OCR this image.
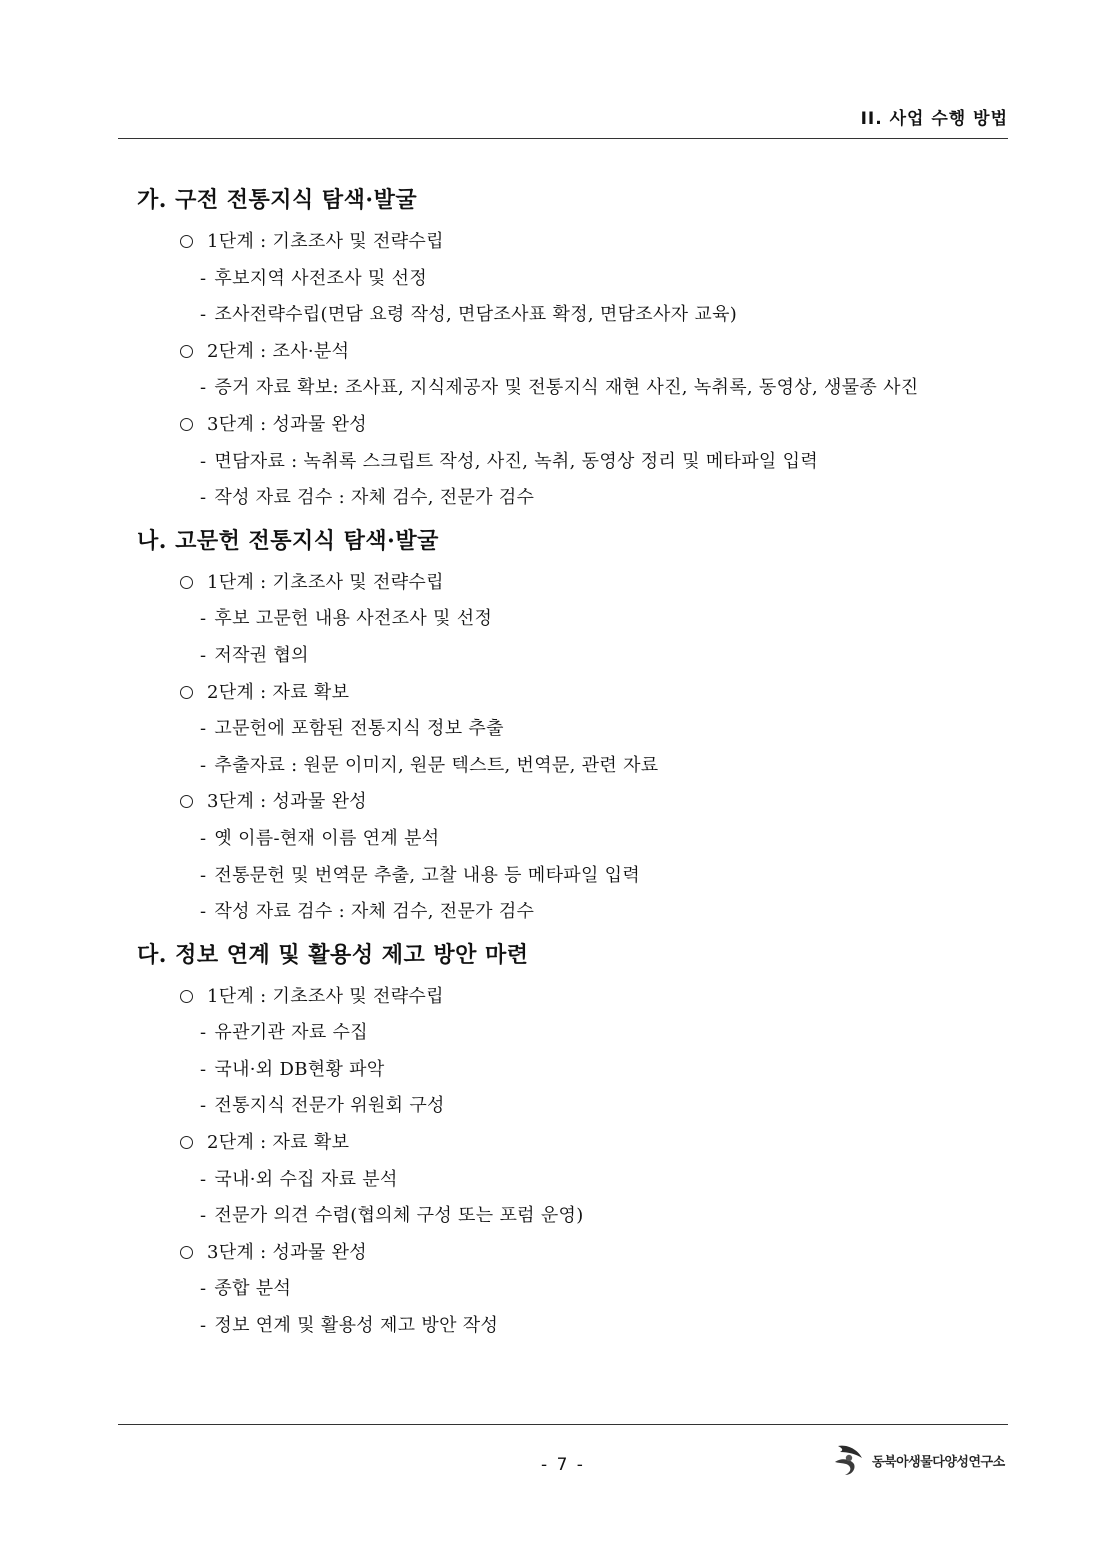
II. 사업 수행 방법
가. 구전 전통지식 탐색·발굴
1단계 : 기초조사 및 전략수립
- 후보지역 사전조사 및 선정
- 조사전략수립(면담 요령 작성, 면담조사표 확정, 면담조사자 교육)
2단계 : 조사·분석
- 증거 자료 확보: 조사표, 지식제공자 및 전통지식 재현 사진, 녹취록, 동영상, 생물종 사진
3단계 : 성과물 완성
- 면담자료 : 녹취록 스크립트 작성, 사진, 녹취, 동영상 정리 및 메타파일 입력
- 작성 자료 검수 : 자체 검수, 전문가 검수
나. 고문헌 전통지식 탐색·발굴
1단계 : 기초조사 및 전략수립
- 후보 고문헌 내용 사전조사 및 선정
- 저작권 협의
2단계 : 자료 확보
- 고문헌에 포함된 전통지식 정보 추출
- 추출자료 : 원문 이미지, 원문 텍스트, 번역문, 관련 자료
3단계 : 성과물 완성
- 옛 이름-현재 이름 연계 분석
- 전통문헌 및 번역문 추출, 고찰 내용 등 메타파일 입력
- 작성 자료 검수 : 자체 검수, 전문가 검수
다. 정보 연계 및 활용성 제고 방안 마련
1단계 : 기초조사 및 전략수립
- 유관기관 자료 수집
- 국내·외 DB현황 파악
- 전통지식 전문가 위원회 구성
2단계 : 자료 확보
- 국내·외 수집 자료 분석
- 전문가 의견 수렴(협의체 구성 또는 포럼 운영)
3단계 : 성과물 완성
- 종합 분석
- 정보 연계 및 활용성 제고 방안 작성
- 7 -	동북아생물다양성연구소
